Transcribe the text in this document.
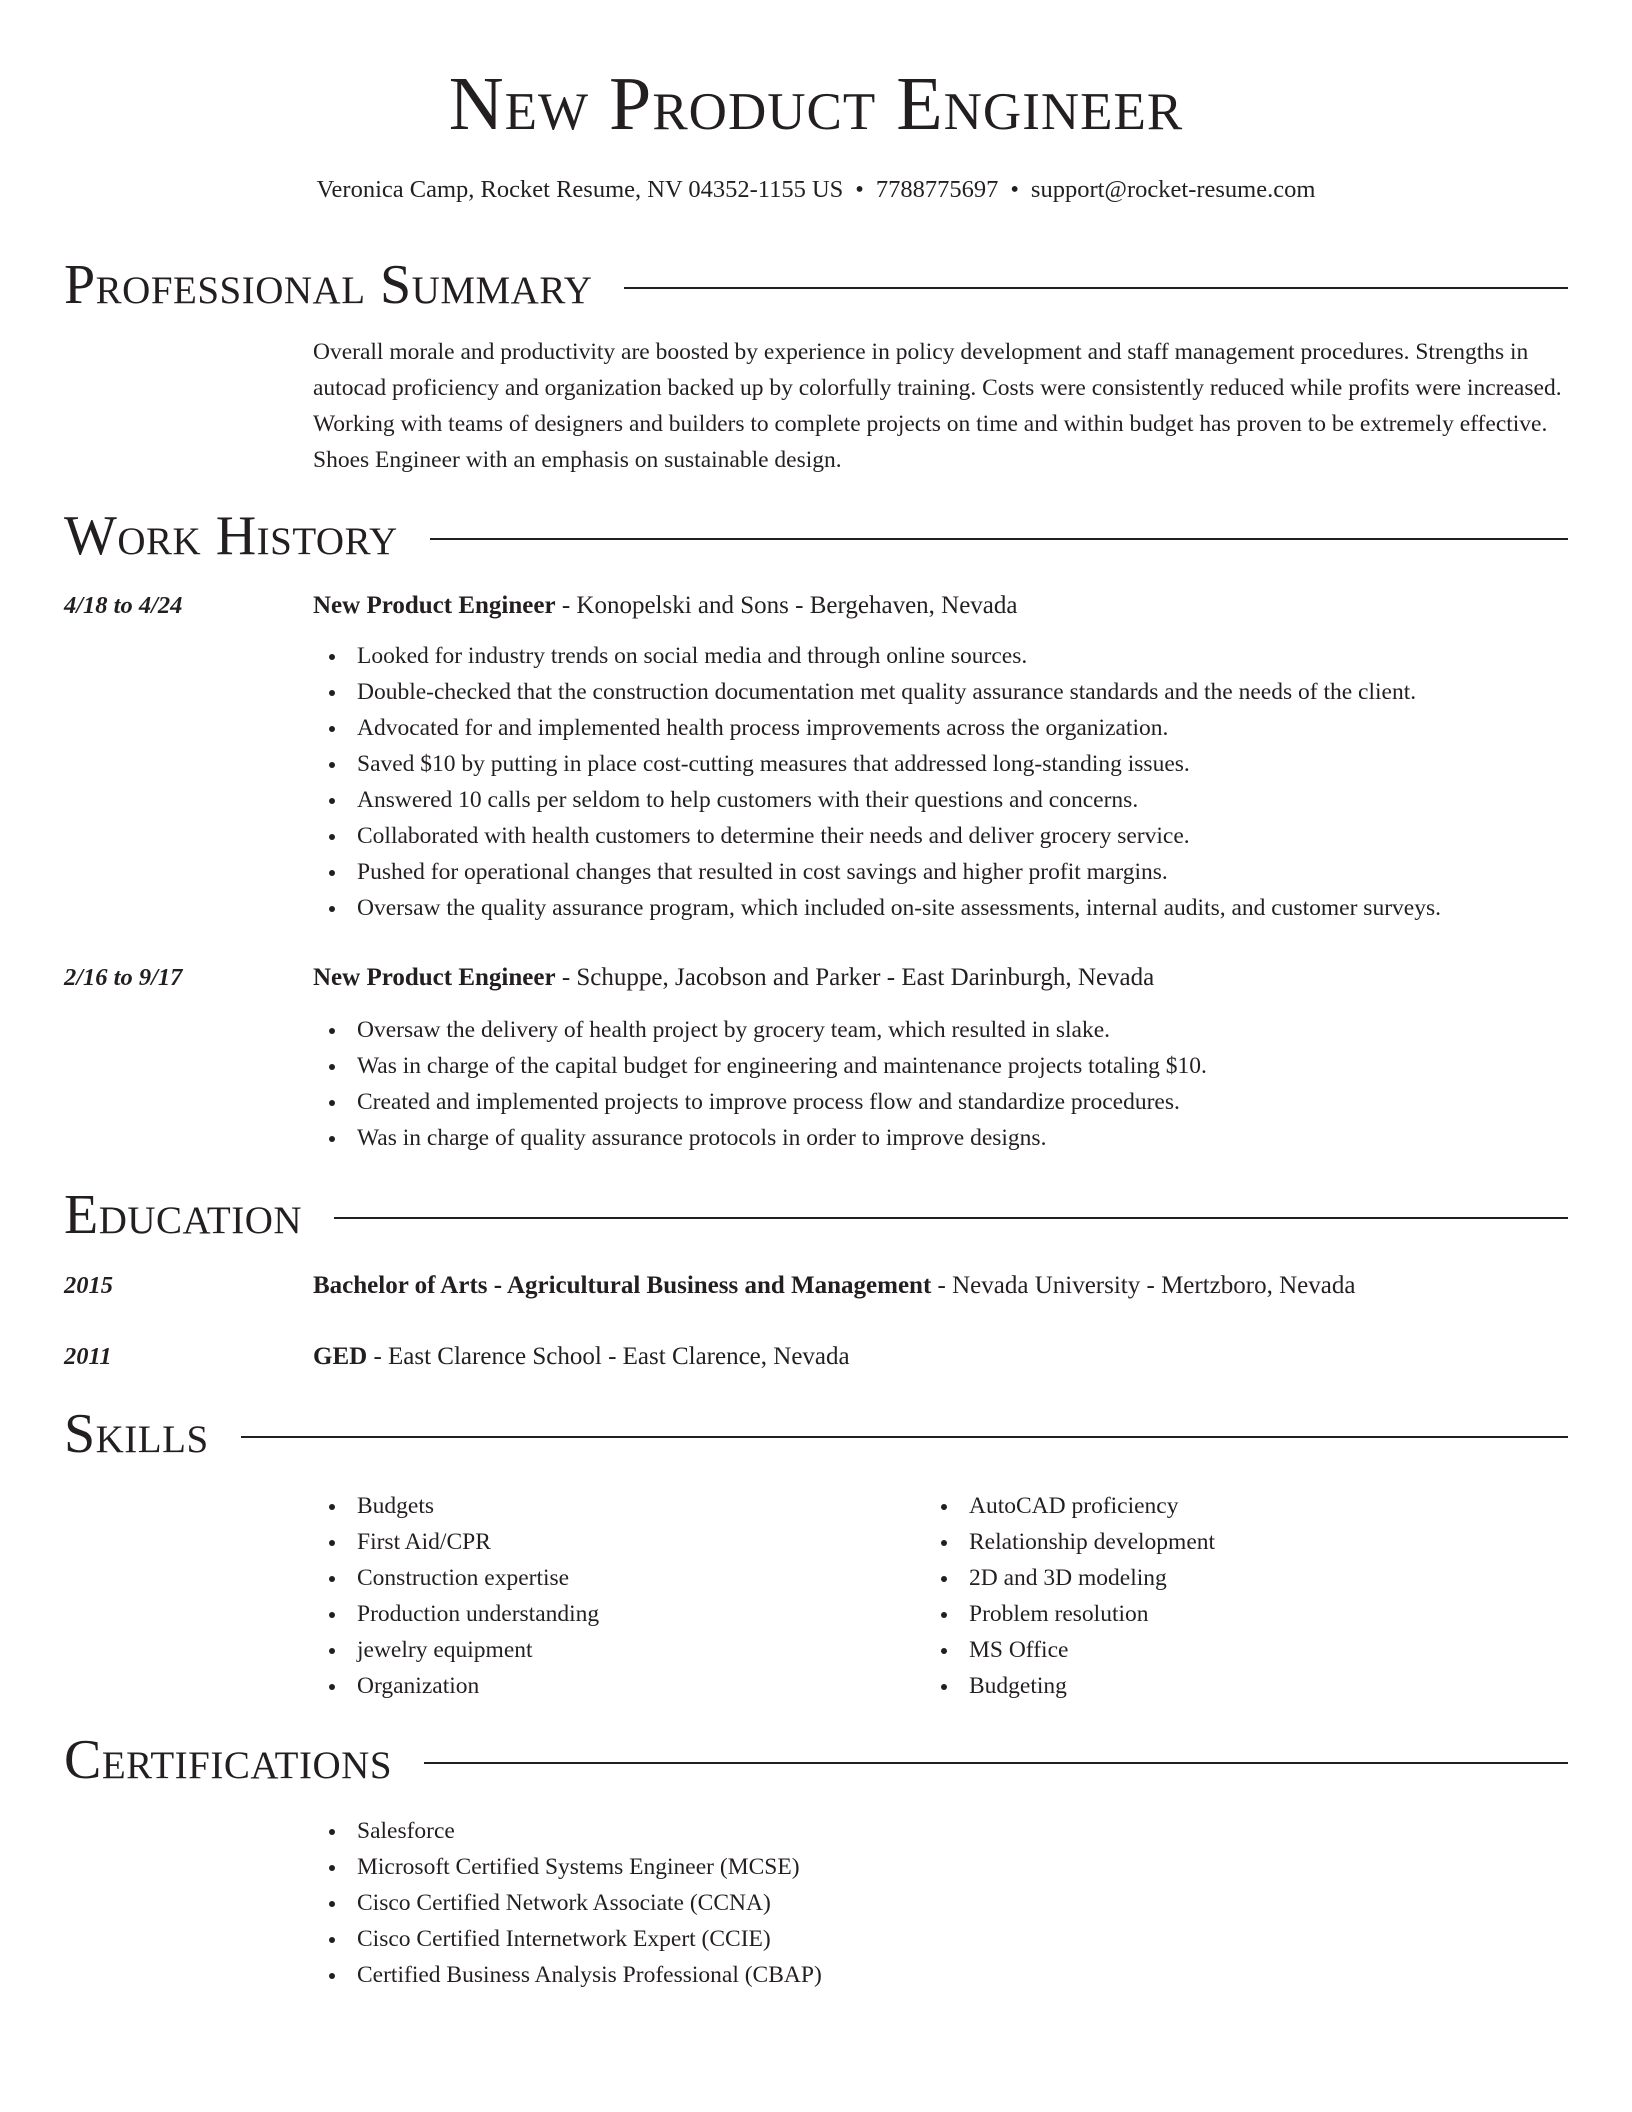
New Product Engineer
Veronica Camp, Rocket Resume, NV 04352-1155 US • 7788775697 • support@rocket-resume.com
Professional Summary

Overall morale and productivity are boosted by experience in policy development and staff management procedures. Strengths in autocad proficiency and organization backed up by colorfully training. Costs were consistently reduced while profits were increased. Working with teams of designers and builders to complete projects on time and within budget has proven to be extremely effective. Shoes Engineer with an emphasis on sustainable design.

Work History
4/18 to 4/24	New Product Engineer - Konopelski and Sons - Bergehaven, Nevada
Looked for industry trends on social media and through online sources.
Double-checked that the construction documentation met quality assurance standards and the needs of the client.
Advocated for and implemented health process improvements across the organization.
Saved $10 by putting in place cost-cutting measures that addressed long-standing issues.
Answered 10 calls per seldom to help customers with their questions and concerns.
Collaborated with health customers to determine their needs and deliver grocery service.
Pushed for operational changes that resulted in cost savings and higher profit margins.
Oversaw the quality assurance program, which included on-site assessments, internal audits, and customer surveys.
2/16 to 9/17	New Product Engineer - Schuppe, Jacobson and Parker - East Darinburgh, Nevada
Oversaw the delivery of health project by grocery team, which resulted in slake.
Was in charge of the capital budget for engineering and maintenance projects totaling $10.
Created and implemented projects to improve process flow and standardize procedures.
Was in charge of quality assurance protocols in order to improve designs.
Education
2015	Bachelor of Arts - Agricultural Business and Management - Nevada University - Mertzboro, Nevada
2011	GED - East Clarence School - East Clarence, Nevada
Skills
Budgets
First Aid/CPR
Construction expertise
Production understanding
jewelry equipment
Organization
AutoCAD proficiency
Relationship development
2D and 3D modeling
Problem resolution
MS Office
Budgeting
Certifications
Salesforce
Microsoft Certified Systems Engineer (MCSE)
Cisco Certified Network Associate (CCNA)
Cisco Certified Internetwork Expert (CCIE)
Certified Business Analysis Professional (CBAP)
